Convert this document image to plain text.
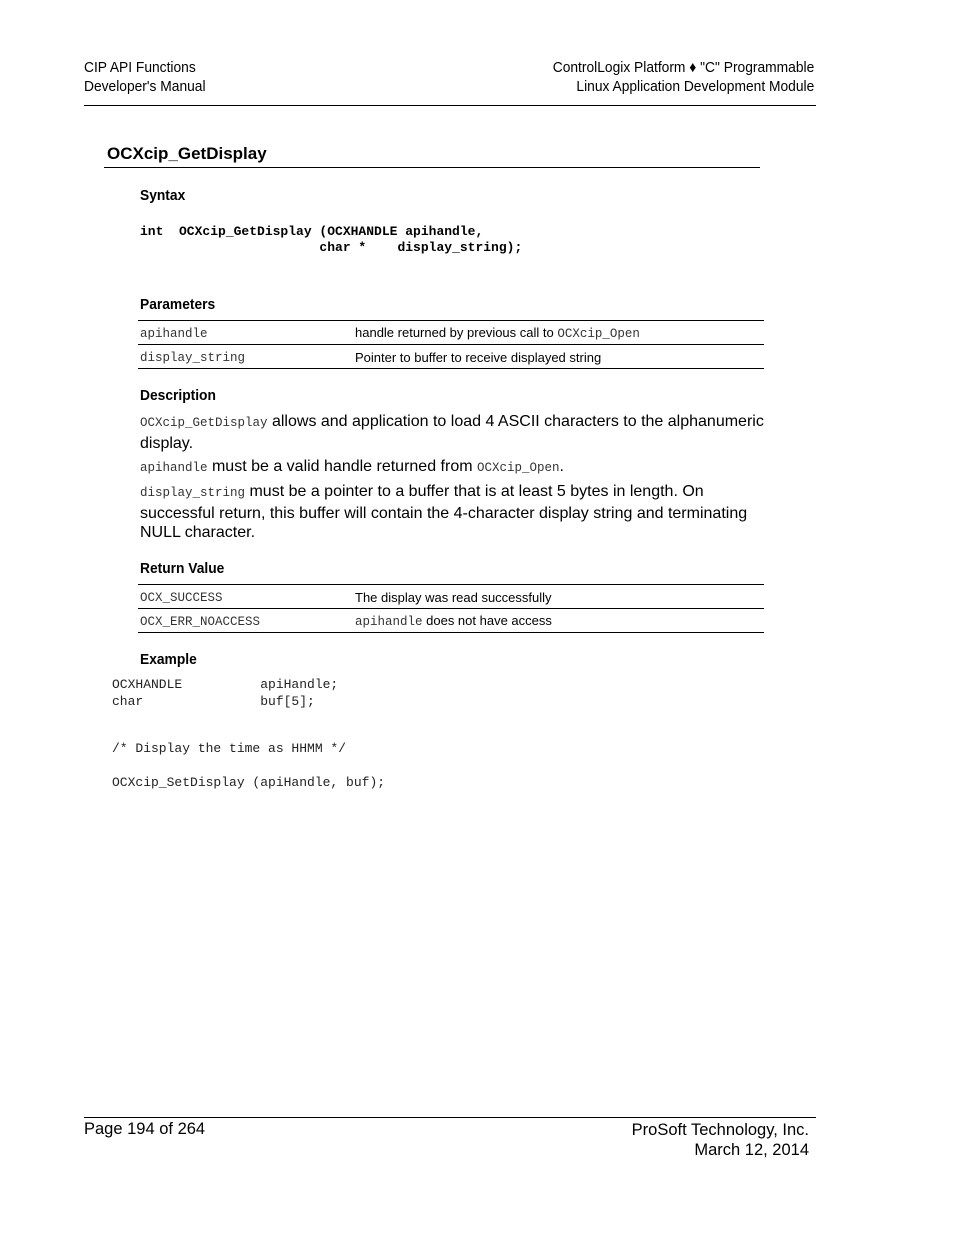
CIP API Functions
Developer's Manual
ControlLogix Platform ♦ "C" Programmable
Linux Application Development Module
OCXcip_GetDisplay
Syntax
int  OCXcip_GetDisplay (OCXHANDLE apihandle,
char *    display_string);
Parameters
apihandle	handle returned by previous call to OCXcip_Open
display_string	Pointer to buffer to receive displayed string
Description
OCXcip_GetDisplay allows and application to load 4 ASCII characters to the alphanumeric display.
apihandle must be a valid handle returned from OCXcip_Open.
display_string must be a pointer to a buffer that is at least 5 bytes in length. On successful return, this buffer will contain the 4-character display string and terminating NULL character.
Return Value
OCX_SUCCESS	The display was read successfully
OCX_ERR_NOACCESS	apihandle does not have access
Example
OCXHANDLE          apiHandle;
char               buf[5];
/* Display the time as HHMM */
OCXcip_SetDisplay (apiHandle, buf);
Page 194 of 264	ProSoft Technology, Inc.
March 12, 2014
